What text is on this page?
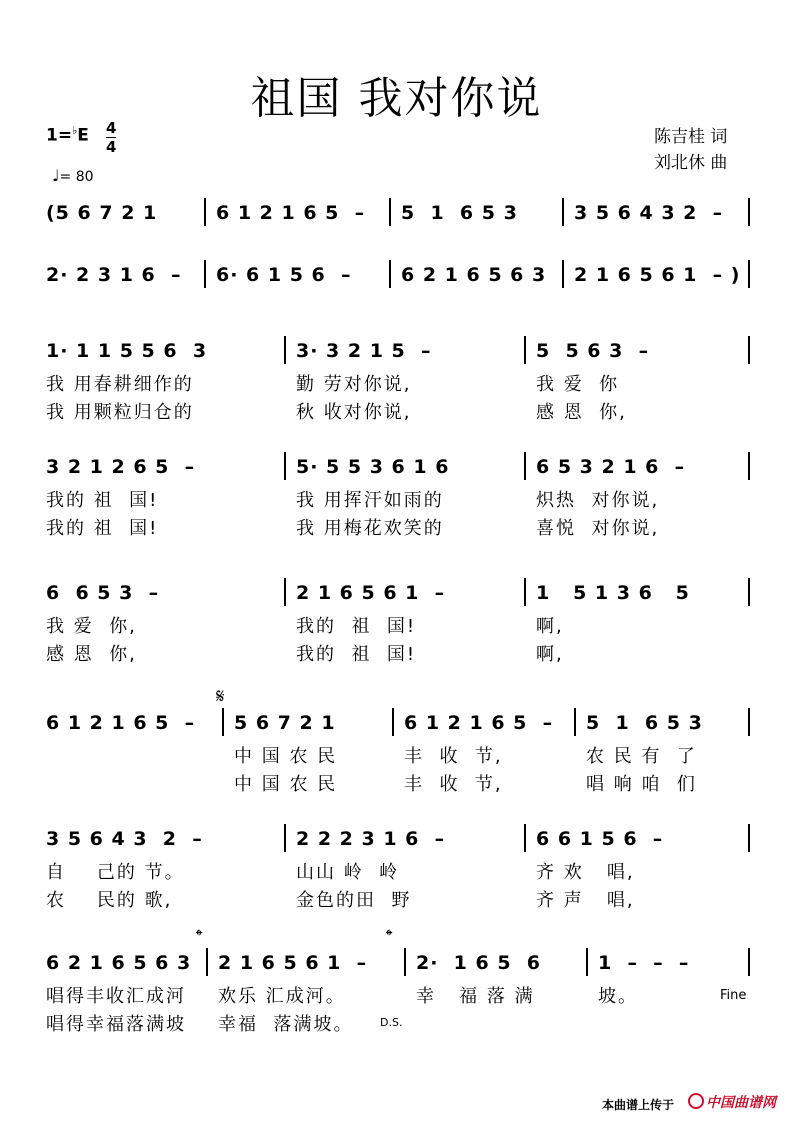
祖国 我对你说
1=♭E 4
4
♩= 80
陈吉桂 词
刘北休 曲
(5 6 7 2 1	6 1 2 1 6 5  – 5  1  6 5 3	3 5 6 4 3 2  –
2· 2 3 1 6  – 6· 6 1 5 6  –	6 2 1 6 5 6 3 2 1 6 5 6 1  – )
1· 1 1 5 5 6  3	3· 3 2 1 5  –	5  5 6 3  –
我 用春耕细作的	勤 劳对你说,	我 爱  你
我 用颗粒归仓的	秋 收对你说,	感 恩  你,
3 2 1 2 6 5  –	5· 5 5 3 6 1 6	6 5 3 2 1 6  –
我的 祖  国!	我 用挥汗如雨的	炽热  对你说,
我的 祖  国!	我 用梅花欢笑的	喜悦  对你说,
6  6 5 3  –	2 1 6 5 6 1  –	1   5 1 3 6   5
我 爱  你,	我的  祖  国!	啊,
感 恩  你,	我的  祖  国!	啊,
6 1 2 1 6 5  – 5 6 7 2 1	6 1 2 1 6 5  – 5  1  6 5 3
中 国 农 民	丰  收  节,	农 民 有  了
中 国 农 民	丰  收  节,	唱 响 咱  们
3 5 6 4 3  2  –	2 2 2 3 1 6  –	6 6 1 5 6  –
自    己的 节。	山山 岭  岭	齐 欢   唱,
农    民的 歌,	金色的田  野	齐 声   唱,
6 2 1 6 5 6 3 2 1 6 5 6 1  –	2·  1 6 5  6	1  –  –  –
唱得丰收汇成河 欢乐 汇成河。	幸   福 落 满	坡。
唱得幸福落满坡 幸福  落满坡。
𝄋
𝄌	𝄌
Fine
D.S.
本曲谱上传于	中国曲谱网
